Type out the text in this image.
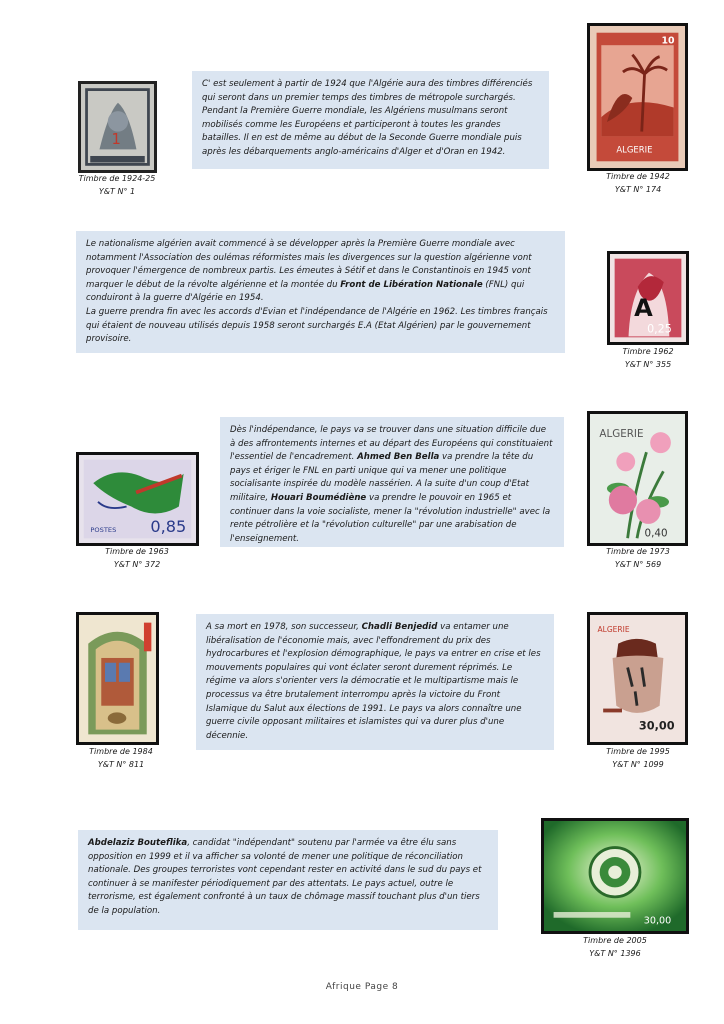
C' est seulement à partir de 1924 que l'Algérie aura des timbres différenciés qui seront dans un premier temps des timbres de métropole surchargés. Pendant la Première Guerre mondiale, les Algériens musulmans seront mobilisés comme les Européens et participeront à toutes les grandes batailles. Il en est de même au début de la Seconde Guerre mondiale puis après les débarquements anglo-américains d'Alger et d'Oran en 1942.

Le nationalisme algérien avait commencé à se développer après la Première Guerre mondiale avec notamment l'Association des oulémas réformistes mais les divergences sur la question algérienne vont provoquer l'émergence de nombreux partis. Les émeutes à Sétif et dans le Constantinois en 1945 vont marquer le début de la révolte algérienne et la montée du Front de Libération Nationale (FNL) qui conduiront à la guerre d'Algérie en 1954.
La guerre prendra fin avec les accords d'Evian et l'indépendance de l'Algérie en 1962. Les timbres français qui étaient de nouveau utilisés depuis 1958 seront surchargés E.A (Etat Algérien) par le gouvernement provisoire.

Dès l'indépendance, le pays va se trouver dans une situation difficile due à des affrontements internes et au départ des Européens qui constituaient l'essentiel de l'encadrement. Ahmed Ben Bella va prendre la tête du pays et ériger le FNL en parti unique qui va mener une politique socialisante inspirée du modèle nassérien. A la suite d'un coup d'Etat militaire, Houari Boumédiène va prendre le pouvoir en 1965 et continuer dans la voie socialiste, mener la "révolution industrielle" avec la rente pétrolière et la "révolution culturelle" par une arabisation de l'enseignement.

A sa mort en 1978, son successeur, Chadli Benjedid va entamer une libéralisation de l'économie mais, avec l'effondrement du prix des hydrocarbures et l'explosion démographique, le pays va entrer en crise et les mouvements populaires qui vont éclater seront durement réprimés. Le régime va alors s'orienter vers la démocratie et le multipartisme mais le processus va être brutalement interrompu après la victoire du Front Islamique du Salut aux élections de 1991. Le pays va alors connaître une guerre civile opposant militaires et islamistes qui va durer plus d'une décennie.

Abdelaziz Bouteflika, candidat "indépendant" soutenu par l'armée va être élu sans opposition en 1999 et il va afficher sa volonté de mener une politique de réconciliation nationale. Des groupes terroristes vont cependant rester en activité dans le sud du pays et continuer à se manifester périodiquement par des attentats. Le pays actuel, outre le terrorisme, est également confronté à un taux de chômage massif touchant plus d'un tiers de la population.

1
Timbre de 1924-25
Y&T N° 1
10
ALGERIE
Timbre de 1942
Y&T N° 174
A
0,25
Timbre 1962
Y&T N° 355
POSTES 0,85
Timbre de 1963
Y&T N° 372
ALGERIE
0,40
Timbre de 1973
Y&T N° 569
Timbre de 1984
Y&T N° 811
ALGERIE
30,00
Timbre de 1995
Y&T N° 1099
30,00
Timbre de 2005
Y&T N° 1396
Afrique Page 8
